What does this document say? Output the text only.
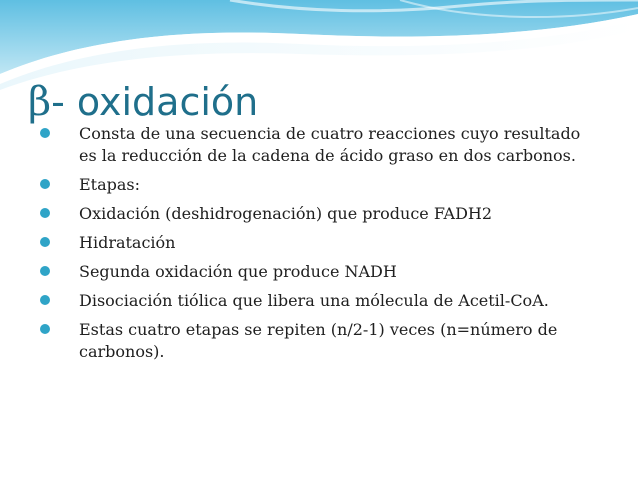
β- oxidación
Consta de una secuencia de cuatro reacciones cuyo resultado es la reducción de la cadena de ácido graso en dos carbonos.
Etapas:
Oxidación (deshidrogenación) que produce FADH2
Hidratación
Segunda oxidación que produce NADH
Disociación tiólica que libera una mólecula de Acetil-CoA.
Estas cuatro etapas se repiten (n/2-1) veces (n=número de carbonos).
